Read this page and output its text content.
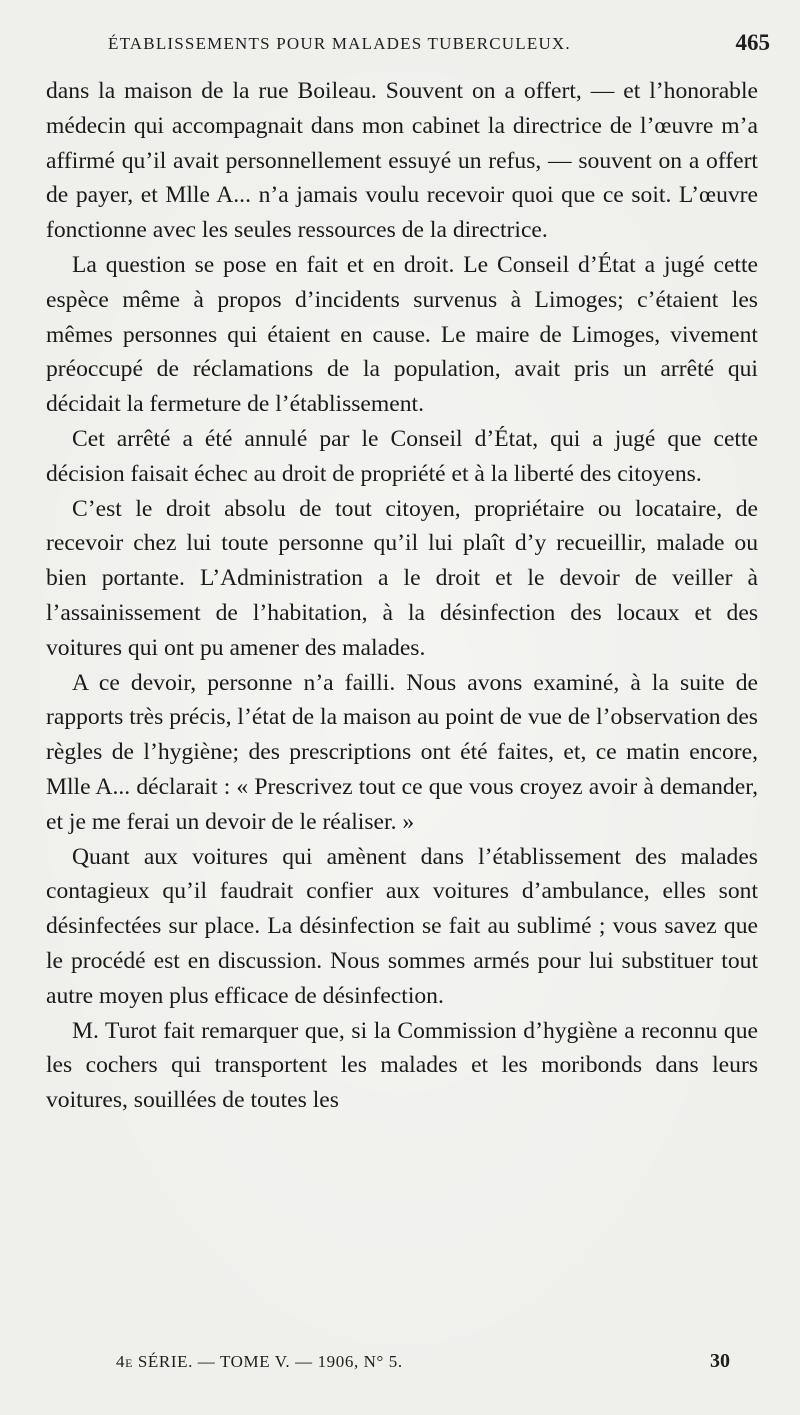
ÉTABLISSEMENTS POUR MALADES TUBERCULEUX.	465

dans la maison de la rue Boileau. Souvent on a offert, — et l’honorable médecin qui accompagnait dans mon cabinet la directrice de l’œuvre m’a affirmé qu’il avait personnellement essuyé un refus, — souvent on a offert de payer, et Mlle A... n’a jamais voulu recevoir quoi que ce soit. L’œuvre fonctionne avec les seules ressources de la directrice.

La question se pose en fait et en droit. Le Conseil d’État a jugé cette espèce même à propos d’incidents survenus à Limoges; c’étaient les mêmes personnes qui étaient en cause. Le maire de Limoges, vivement préoccupé de réclamations de la population, avait pris un arrêté qui décidait la fermeture de l’établissement.

Cet arrêté a été annulé par le Conseil d’État, qui a jugé que cette décision faisait échec au droit de propriété et à la liberté des citoyens.

C’est le droit absolu de tout citoyen, propriétaire ou locataire, de recevoir chez lui toute personne qu’il lui plaît d’y recueillir, malade ou bien portante. L’Administration a le droit et le devoir de veiller à l’assainissement de l’habitation, à la désinfection des locaux et des voitures qui ont pu amener des malades.

A ce devoir, personne n’a failli. Nous avons examiné, à la suite de rapports très précis, l’état de la maison au point de vue de l’observation des règles de l’hygiène; des prescriptions ont été faites, et, ce matin encore, Mlle A... déclarait : « Prescrivez tout ce que vous croyez avoir à demander, et je me ferai un devoir de le réaliser. »

Quant aux voitures qui amènent dans l’établissement des malades contagieux qu’il faudrait confier aux voitures d’ambulance, elles sont désinfectées sur place. La désinfection se fait au sublimé ; vous savez que le procédé est en discussion. Nous sommes armés pour lui substituer tout autre moyen plus efficace de désinfection.

M. Turot fait remarquer que, si la Commission d’hygiène a reconnu que les cochers qui transportent les malades et les moribonds dans leurs voitures, souillées de toutes les

4e SÉRIE. — TOME V. — 1906, N° 5.	30
